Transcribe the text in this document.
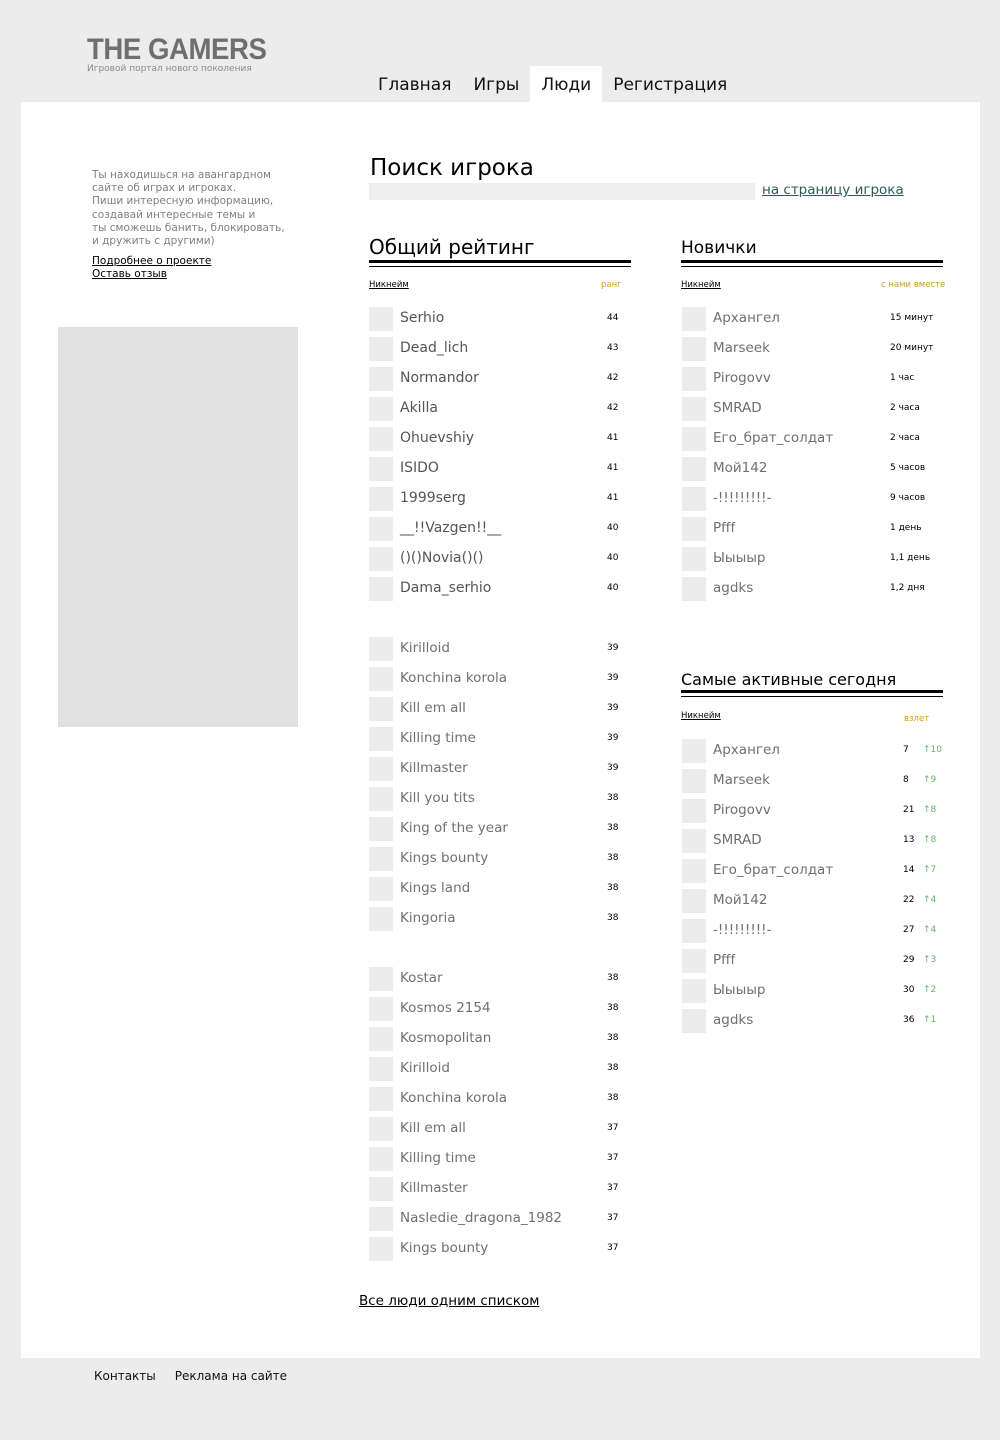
THE GAMERS
Игровой портал нового поколения
Главная	Игры	Люди	Регистрация
Ты находишься на авангардном
сайте об играх и игроках.
Пиши интересную информацию,
создавай интересные темы и
ты сможешь банить, блокировать,
и дружить с другими)
Подробнее о проекте
Оставь отзыв
Поиск игрока
на страницу игрока
Общий рейтинг
Никнейм	ранг
Serhio	44
Dead_lich	43
Normandor	42
Akilla	42
Ohuevshiy	41
ISIDO	41
1999serg	41
__!!Vazgen!!__	40
()()Novia()()	40
Dama_serhio	40
Kirilloid	39
Konchina korola	39
Kill em all	39
Killing time	39
Killmaster	39
Kill you tits	38
King of the year	38
Kings bounty	38
Kings land	38
Kingoria	38
Kostar	38
Kosmos 2154	38
Kosmopolitan	38
Kirilloid	38
Konchina korola	38
Kill em all	37
Killing time	37
Killmaster	37
Nasledie_dragona_1982	37
Kings bounty	37
Новички
Никнейм	с нами вместе
Архангел	15 минут
Marseek	20 минут
Pirogovv	1 час
SMRAD	2 часа
Его_брат_солдат	2 часа
Мой142	5 часов
-!!!!!!!!!-	9 часов
Pfff	1 день
Ыыыыр	1,1 день
agdks	1,2 дня
Самые активные сегодня
Никнейм	взлет
Архангел	7 ↑10
Marseek	8 ↑9
Pirogovv	21 ↑8
SMRAD	13 ↑8
Его_брат_солдат	14 ↑7
Мой142	22 ↑4
-!!!!!!!!!-	27 ↑4
Pfff	29 ↑3
Ыыыыр	30 ↑2
agdks	36 ↑1
Все люди одним списком
Контакты Реклама на сайте
